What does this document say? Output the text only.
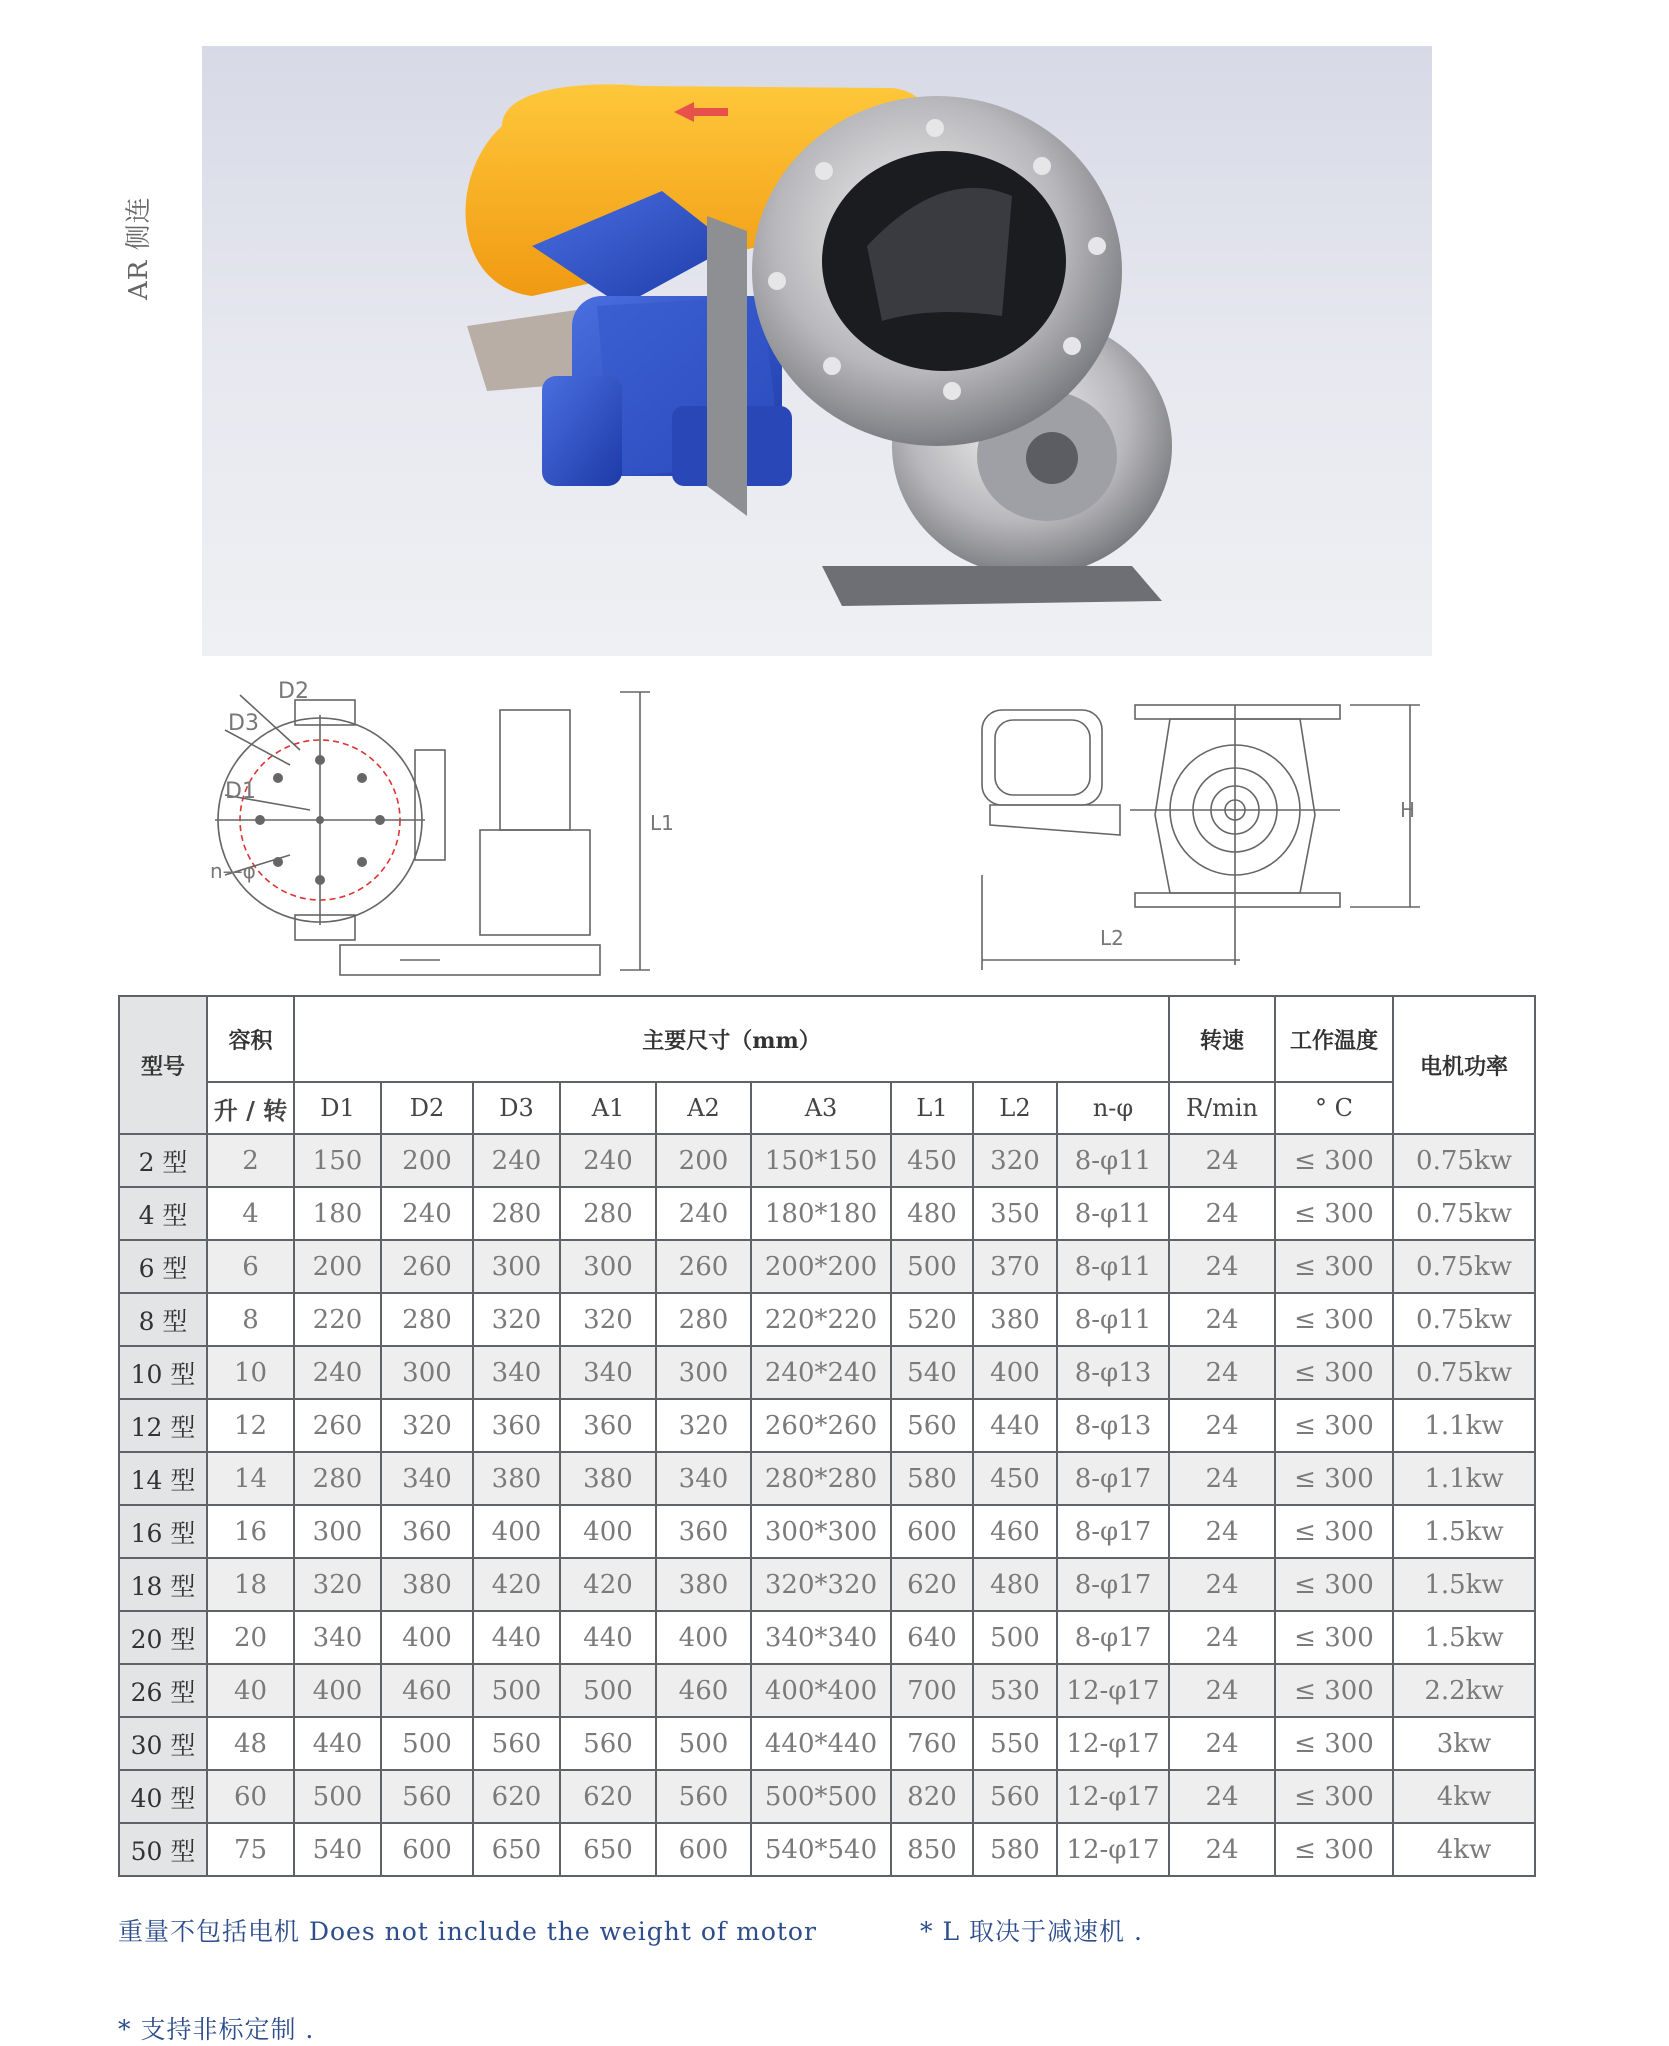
AR 侧连
D2
D3
D1
n—φ
L1
H
L2
型号	容积	主要尺寸（mm）									转速	工作温度	电机功率
	升 / 转	D1	D2	D3	A1	A2	A3	L1	L2	n-φ	R/min	° C	
2 型	2	150	200	240	240	200	150*150	450	320	8-φ11	24	≤ 300	0.75kw
4 型	4	180	240	280	280	240	180*180	480	350	8-φ11	24	≤ 300	0.75kw
6 型	6	200	260	300	300	260	200*200	500	370	8-φ11	24	≤ 300	0.75kw
8 型	8	220	280	320	320	280	220*220	520	380	8-φ11	24	≤ 300	0.75kw
10 型	10	240	300	340	340	300	240*240	540	400	8-φ13	24	≤ 300	0.75kw
12 型	12	260	320	360	360	320	260*260	560	440	8-φ13	24	≤ 300	1.1kw
14 型	14	280	340	380	380	340	280*280	580	450	8-φ17	24	≤ 300	1.1kw
16 型	16	300	360	400	400	360	300*300	600	460	8-φ17	24	≤ 300	1.5kw
18 型	18	320	380	420	420	380	320*320	620	480	8-φ17	24	≤ 300	1.5kw
20 型	20	340	400	440	440	400	340*340	640	500	8-φ17	24	≤ 300	1.5kw
26 型	40	400	460	500	500	460	400*400	700	530	12-φ17	24	≤ 300	2.2kw
30 型	48	440	500	560	560	500	440*440	760	550	12-φ17	24	≤ 300	3kw
40 型	60	500	560	620	620	560	500*500	820	560	12-φ17	24	≤ 300	4kw
50 型	75	540	600	650	650	600	540*540	850	580	12-φ17	24	≤ 300	4kw
重量不包括电机 Does not include the weight of motor	* L 取决于减速机 .
* 支持非标定制 .
